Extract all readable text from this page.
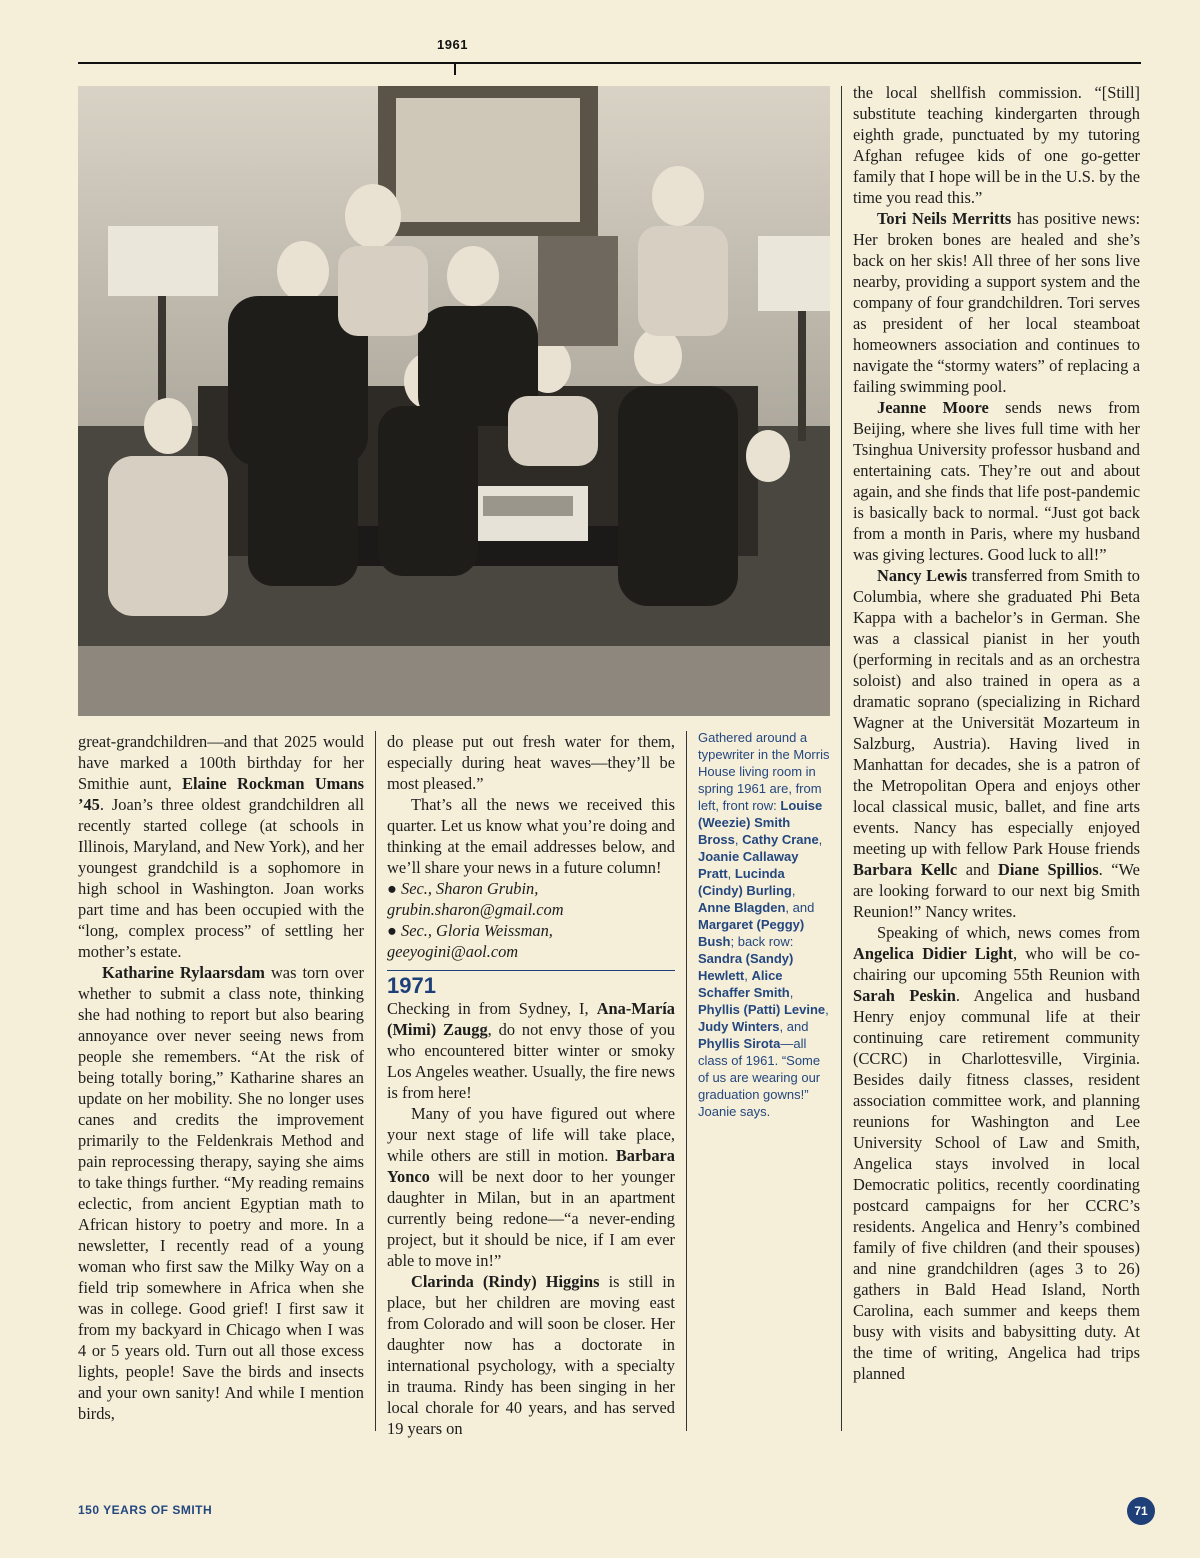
1961

great-grandchildren—and that 2025 would have marked a 100th birthday for her Smithie aunt, Elaine Rockman Umans ’45. Joan’s three oldest grandchildren all recently started college (at schools in Illinois, Maryland, and New York), and her youngest grandchild is a sophomore in high school in Washington. Joan works part time and has been occupied with the “long, complex process” of settling her mother’s estate.

Katharine Rylaarsdam was torn over whether to submit a class note, thinking she had nothing to report but also bearing annoyance over never seeing news from people she remembers. “At the risk of being totally boring,” Katharine shares an update on her mobility. She no longer uses canes and credits the improvement primarily to the Feldenkrais Method and pain reprocessing therapy, saying she aims to take things further. “My reading remains eclectic, from ancient Egyptian math to African history to poetry and more. In a newsletter, I recently read of a young woman who first saw the Milky Way on a field trip somewhere in Africa when she was in college. Good grief! I first saw it from my backyard in Chicago when I was 4 or 5 years old. Turn out all those excess lights, people! Save the birds and insects and your own sanity! And while I mention birds,

do please put out fresh water for them, especially during heat waves—they’ll be most pleased.”

That’s all the news we received this quarter. Let us know what you’re doing and thinking at the email addresses below, and we’ll share your news in a future column!

● Sec., Sharon Grubin, grubin.sharon@gmail.com

● Sec., Gloria Weissman, geeyogini@aol.com

1971

Checking in from Sydney, I, Ana-María (Mimi) Zaugg, do not envy those of you who encountered bitter winter or smoky Los Angeles weather. Usually, the fire news is from here!

Many of you have figured out where your next stage of life will take place, while others are still in motion. Barbara Yonco will be next door to her younger daughter in Milan, but in an apartment currently being redone—“a never-ending project, but it should be nice, if I am ever able to move in!”

Clarinda (Rindy) Higgins is still in place, but her children are moving east from Colorado and will soon be closer. Her daughter now has a doctorate in international psychology, with a specialty in trauma. Rindy has been singing in her local chorale for 40 years, and has served 19 years on

Gathered around a typewriter in the Morris House living room in spring 1961 are, from left, front row: Louise (Weezie) Smith Bross, Cathy Crane, Joanie Callaway Pratt, Lucinda (Cindy) Burling, Anne Blagden, and Margaret (Peggy) Bush; back row: Sandra (Sandy) Hewlett, Alice Schaffer Smith, Phyllis (Patti) Levine, Judy Winters, and Phyllis Sirota—all class of 1961. “Some of us are wearing our graduation gowns!” Joanie says.

the local shellfish commission. “[Still] substitute teaching kindergarten through eighth grade, punctuated by my tutoring Afghan refugee kids of one go-getter family that I hope will be in the U.S. by the time you read this.”

Tori Neils Merritts has positive news: Her broken bones are healed and she’s back on her skis! All three of her sons live nearby, providing a support system and the company of four grandchildren. Tori serves as president of her local steamboat homeowners association and continues to navigate the “stormy waters” of replacing a failing swimming pool.

Jeanne Moore sends news from Beijing, where she lives full time with her Tsinghua University professor husband and entertaining cats. They’re out and about again, and she finds that life post-pandemic is basically back to normal. “Just got back from a month in Paris, where my husband was giving lectures. Good luck to all!”

Nancy Lewis transferred from Smith to Columbia, where she graduated Phi Beta Kappa with a bachelor’s in German. She was a classical pianist in her youth (performing in recitals and as an orchestra soloist) and also trained in opera as a dramatic soprano (specializing in Richard Wagner at the Universität Mozarteum in Salzburg, Austria). Having lived in Manhattan for decades, she is a patron of the Metropolitan Opera and enjoys other local classical music, ballet, and fine arts events. Nancy has especially enjoyed meeting up with fellow Park House friends Barbara Kellc and Diane Spillios. “We are looking forward to our next big Smith Reunion!” Nancy writes.

Speaking of which, news comes from Angelica Didier Light, who will be co-chairing our upcoming 55th Reunion with Sarah Peskin. Angelica and husband Henry enjoy communal life at their continuing care retirement community (CCRC) in Charlottesville, Virginia. Besides daily fitness classes, resident association committee work, and planning reunions for Washington and Lee University School of Law and Smith, Angelica stays involved in local Democratic politics, recently coordinating postcard campaigns for her CCRC’s residents. Angelica and Henry’s combined family of five children (and their spouses) and nine grandchildren (ages 3 to 26) gathers in Bald Head Island, North Carolina, each summer and keeps them busy with visits and babysitting duty. At the time of writing, Angelica had trips planned

150 YEARS OF SMITH	71
